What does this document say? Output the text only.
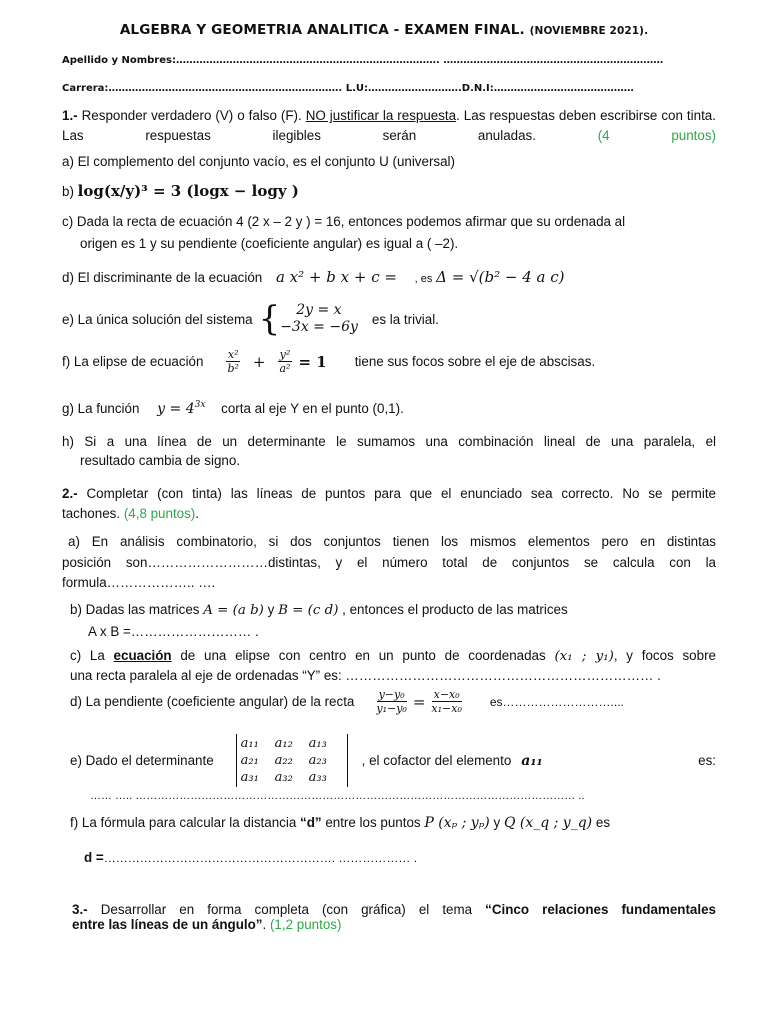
ALGEBRA Y GEOMETRIA ANALITICA - EXAMEN FINAL. (NOVIEMBRE 2021).
Apellido y Nombres:……………………………………………………………………. …………………………………………………………
Carrera:……………………………………………………………. L.U:……………………….D.N.I:……………………………………
1.- Responder verdadero (V) o falso (F). NO justificar la respuesta. Las respuestas deben escribirse con tinta. Las respuestas ilegibles serán anuladas.	(4 puntos)
a) El complemento del conjunto vacío, es el conjunto U (universal)
b) log(x/y)³ = 3 (logx − logy )
c) Dada la recta de ecuación 4 (2 x – 2 y ) = 16, entonces podemos afirmar que su ordenada al
origen es 1 y su pendiente (coeficiente angular) es igual a ( –2).
d) El discriminante de la ecuación a x² + b x + c = , es Δ = √(b² − 4 a c)
e) La única solución del sistema {	2y = x
−3x = −6y es la trivial.
f) La elipse de ecuación $\frac{\text{x²}}{\text{b²}} + \frac{\text{y²}}{\text{a²}} = 1$ tiene sus focos sobre el eje de abscisas.
g) La función $y = 4^{3x}$ corta al eje Y en el punto (0,1).
h) Si a una línea de un determinante le sumamos una combinación lineal de una paralela, el
resultado cambia de signo.
2.- Completar (con tinta) las líneas de puntos para que el enunciado sea correcto. No se permite
tachones. (4,8 puntos).
a) En análisis combinatorio, si dos conjuntos tienen los mismos elementos pero en distintas
posición son………………………distintas, y el número total de conjuntos se calcula con la
formula……………….. ….
b) Dadas las matrices A = (a b) y B = (c d) , entonces el producto de las matrices
A x B =……………………… .
c) La ecuación de una elipse con centro en un punto de coordenadas (x₁ ; y₁), y focos sobre
una recta paralela al eje de ordenadas “Y” es: …………………………………………………………… .
d) La pendiente (coeficiente angular) de la recta $\frac{\text{y−y₀}}{\text{y₁−y₀}} = \frac{\text{x−x₀}}{\text{x₁−x₀}}$ es………………………....
e) Dado el determinante
a₁₁	a₁₂	a₁₃
a₂₁	a₂₂	a₂₃
a₃₁	a₃₂	a₃₃
, el cofactor del elemento a₁₁	es:
…… ….. ………………………………………………………………………………………………………… ..
f) La fórmula para calcular la distancia “d” entre los puntos P (xₚ ; yₚ) y Q (x_q ; y_q) es
d =…………………………………………………. ……………… .
3.- Desarrollar en forma completa (con gráfica) el tema “Cinco relaciones fundamentales
entre las líneas de un ángulo”. (1,2 puntos)
